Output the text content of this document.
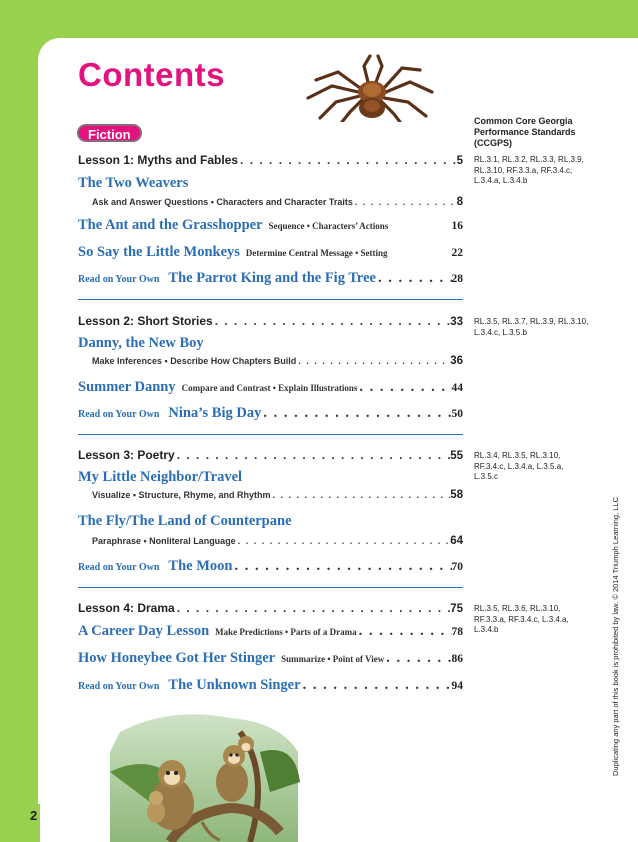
Contents
Fiction
Common Core Georgia Performance Standards (CCGPS)
Lesson 1: Myths and Fables . . .	5 RL.3.1, RL.3.2, RL.3.3, RL.3.9, RL.3.10, RF.3.3.a, RF.3.4.c, L.3.4.a, L.3.4.b
The Two Weavers
Ask and Answer Questions • Characters and Character Traits . . .	8
The Ant and the Grasshopper Sequence • Characters’ Actions	16
So Say the Little Monkeys Determine Central Message • Setting	22
Read on Your Own The Parrot King and the Fig Tree . . .	28
Lesson 2: Short Stories . . .	33 RL.3.5, RL.3.7, RL.3.9, RL.3.10, L.3.4.c, L.3.5.b
Danny, the New Boy
Make Inferences • Describe How Chapters Build . . .	36
Summer Danny Compare and Contrast • Explain Illustrations . . .	44
Read on Your Own Nina’s Big Day . . .	50
Lesson 3: Poetry . . .	55 RL.3.4, RL.3.5, RL.3.10, RF.3.4.c, L.3.4.a, L.3.5.a, L.3.5.c
My Little Neighbor/Travel
Visualize • Structure, Rhyme, and Rhythm . . .	58
The Fly/The Land of Counterpane
Paraphrase • Nonliteral Language . . .	64
Read on Your Own The Moon . . .	70
Lesson 4: Drama . . .	75 RL.3.5, RL.3.6, RL.3.10, RF.3.3.a, RF.3.4.c, L.3.4.a, L.3.4.b
A Career Day Lesson Make Predictions • Parts of a Drama . . .	78
How Honeybee Got Her Stinger Summarize • Point of View . . .	86
Read on Your Own The Unknown Singer . . .	94	Duplicating any part of this book is prohibited by law. © 2014 Triumph Learning, LLC
2
